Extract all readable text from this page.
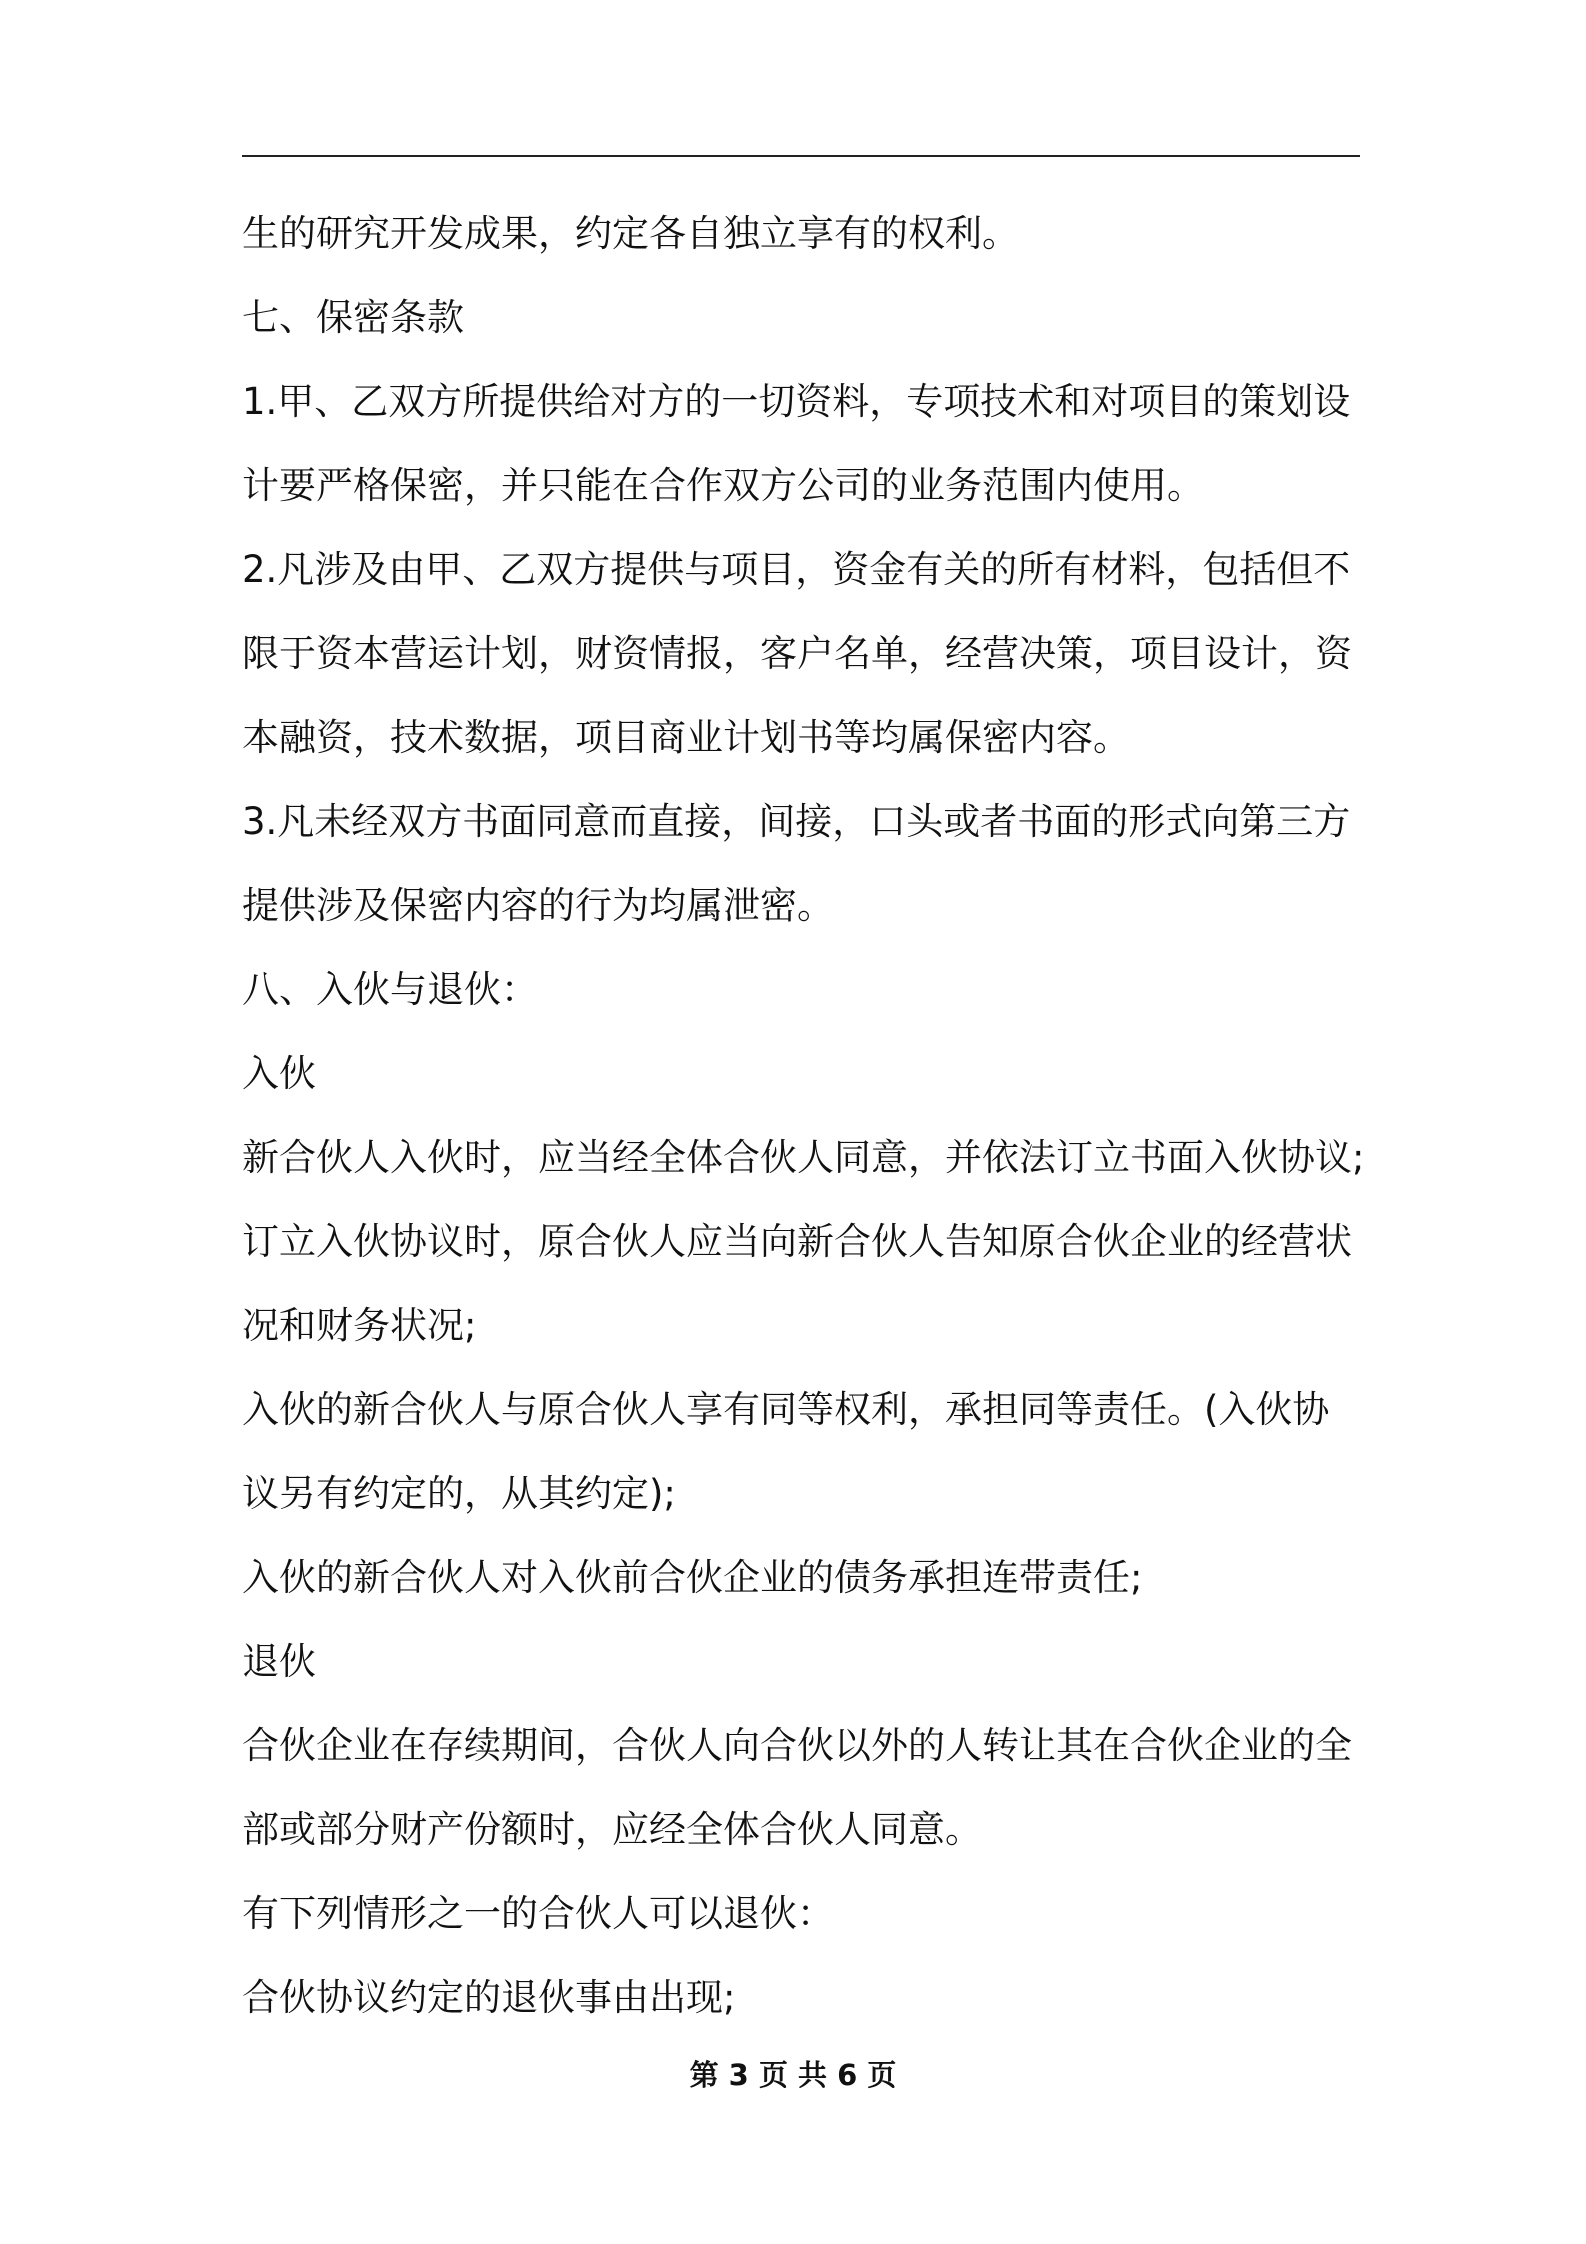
生的研究开发成果，约定各自独立享有的权利。
七、保密条款
1.甲、乙双方所提供给对方的一切资料，专项技术和对项目的策划设
计要严格保密，并只能在合作双方公司的业务范围内使用。
2.凡涉及由甲、乙双方提供与项目，资金有关的所有材料，包括但不
限于资本营运计划，财资情报，客户名单，经营决策，项目设计，资
本融资，技术数据，项目商业计划书等均属保密内容。
3.凡未经双方书面同意而直接，间接，口头或者书面的形式向第三方
提供涉及保密内容的行为均属泄密。
八、入伙与退伙：
入伙
新合伙人入伙时，应当经全体合伙人同意，并依法订立书面入伙协议;
订立入伙协议时，原合伙人应当向新合伙人告知原合伙企业的经营状
况和财务状况;
入伙的新合伙人与原合伙人享有同等权利，承担同等责任。(入伙协
议另有约定的，从其约定);
入伙的新合伙人对入伙前合伙企业的债务承担连带责任;
退伙
合伙企业在存续期间，合伙人向合伙以外的人转让其在合伙企业的全
部或部分财产份额时，应经全体合伙人同意。
有下列情形之一的合伙人可以退伙：
合伙协议约定的退伙事由出现;
第 3 页 共 6 页
